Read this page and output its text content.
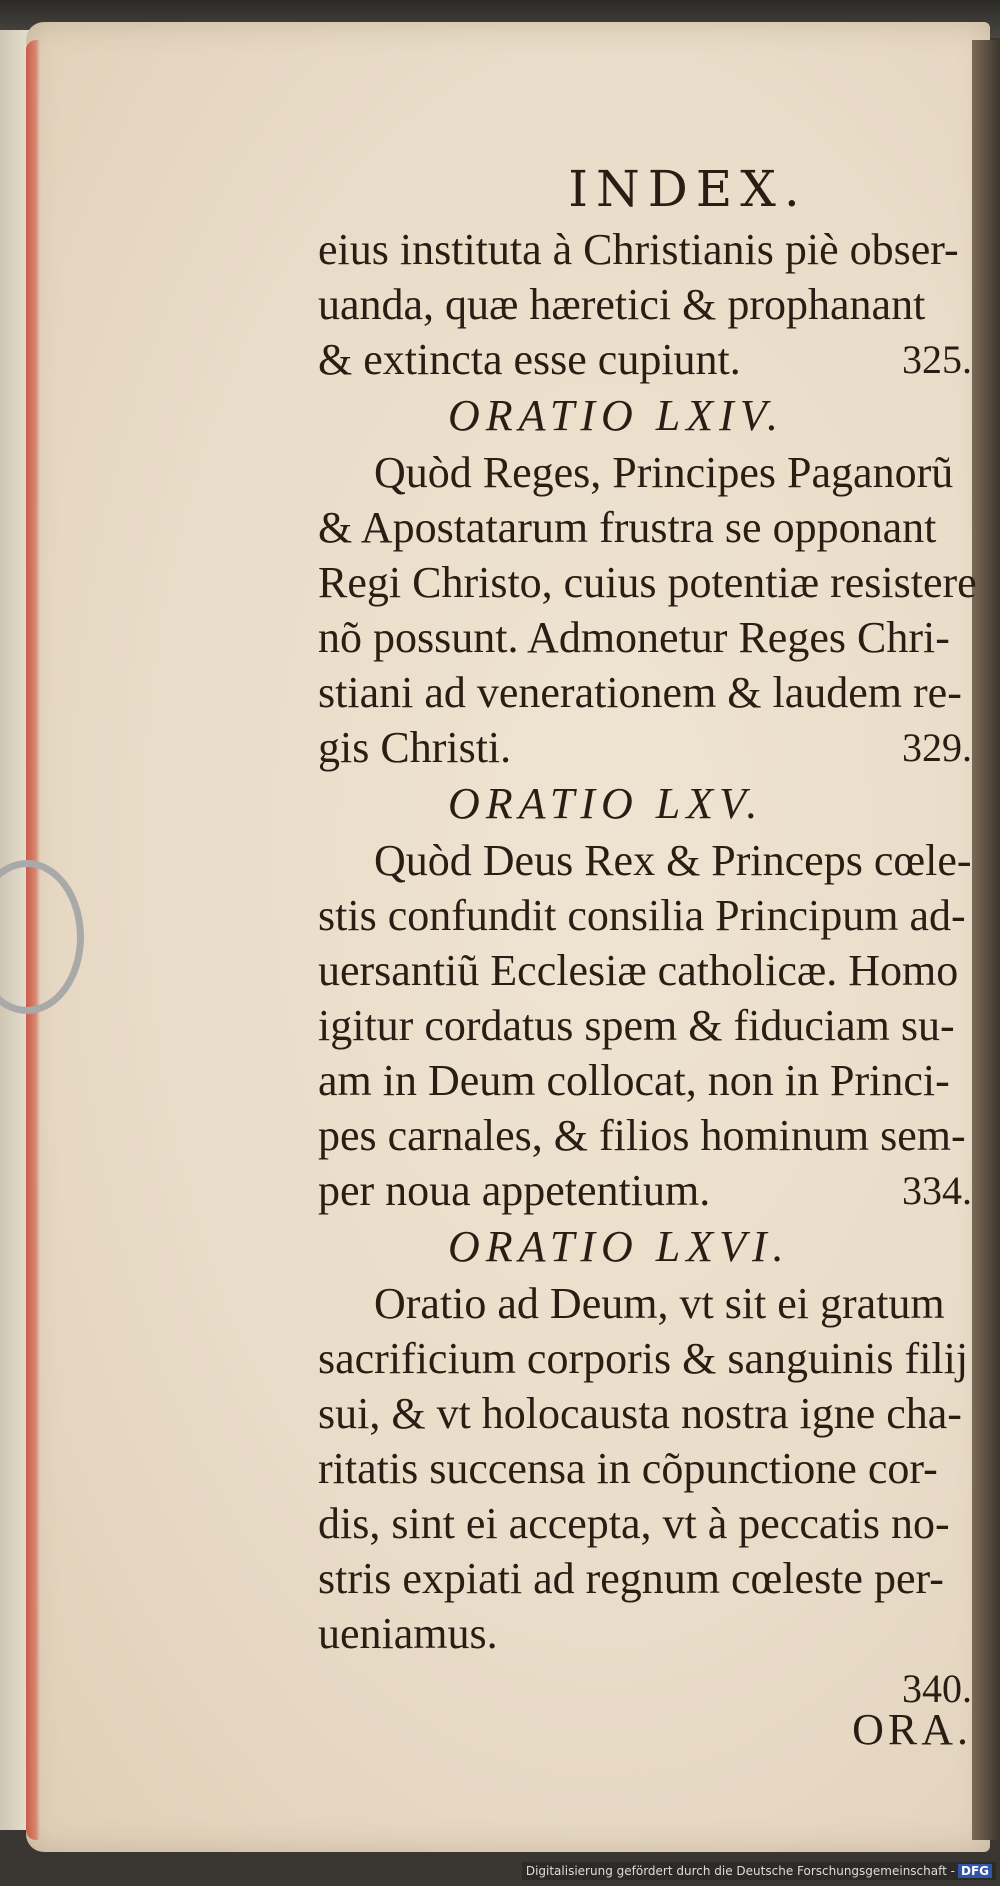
INDEX.
eius instituta à Christianis piè obser-
uanda, quæ hæretici & prophanant
& extincta esse cupiunt.	325.
ORATIO LXIV.
Quòd Reges, Principes Paganorũ
& Apostatarum frustra se opponant
Regi Christo, cuius potentiæ resistere
nõ possunt. Admonetur Reges Chri-
stiani ad venerationem & laudem re-
gis Christi.	329.
ORATIO LXV.
Quòd Deus Rex & Princeps cœle-
stis confundit consilia Principum ad-
uersantiũ Ecclesiæ catholicæ. Homo
igitur cordatus spem & fiduciam su-
am in Deum collocat, non in Princi-
pes carnales, & filios hominum sem-
per noua appetentium.	334.
ORATIO LXVI.
Oratio ad Deum, vt sit ei gratum
sacrificium corporis & sanguinis filij
sui, & vt holocausta nostra igne cha-
ritatis succensa in cõpunctione cor-
dis, sint ei accepta, vt à peccatis no-
stris expiati ad regnum cœleste per-
ueniamus.
340.
ORA.
Digitalisierung gefördert durch die Deutsche Forschungsgemeinschaft - DFG
